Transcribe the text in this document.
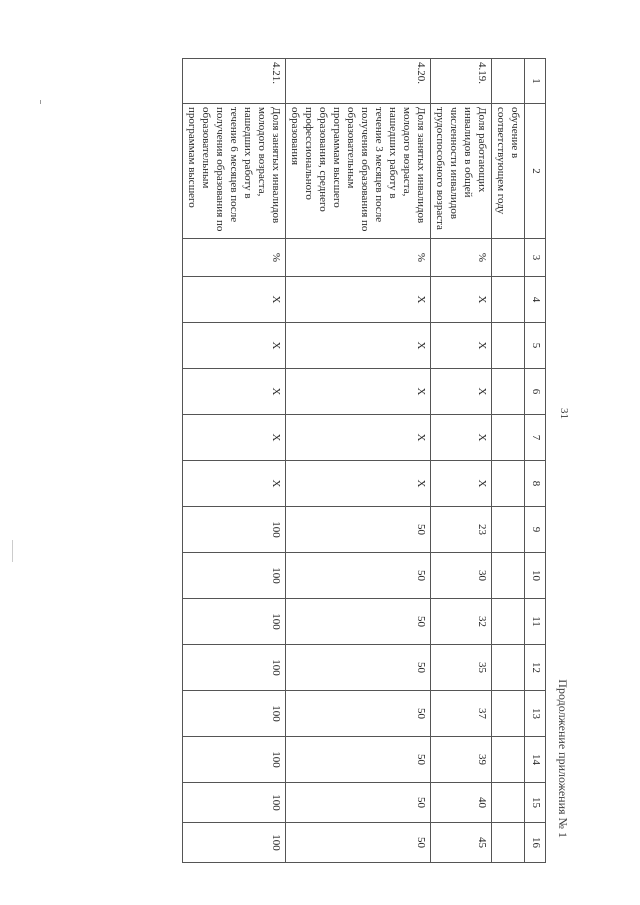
31
Продолжение приложения № 1
1	2	3	4	5	6	7	8	9	10	11	12	13	14	15	16
	обучение в соответствующем году														
4.19.	Доля работающих инвалидов в общей численности инвалидов трудоспособного возраста	%	X	X	X	X	X	23	30	32	35	37	39	40	45
4.20.	Доля занятых инвалидов молодого возраста, нашедших работу в течение 3 месяцев после получения образования по образовательным программам высшего образования, среднего профессионального образования	%	X	X	X	X	X	50	50	50	50	50	50	50	50
4.21.	Доля занятых инвалидов молодого возраста, нашедших работу в течение 6 месяцев после получения образования по образовательным программам высшего	%	X	X	X	X	X	100	100	100	100	100	100	100	100
